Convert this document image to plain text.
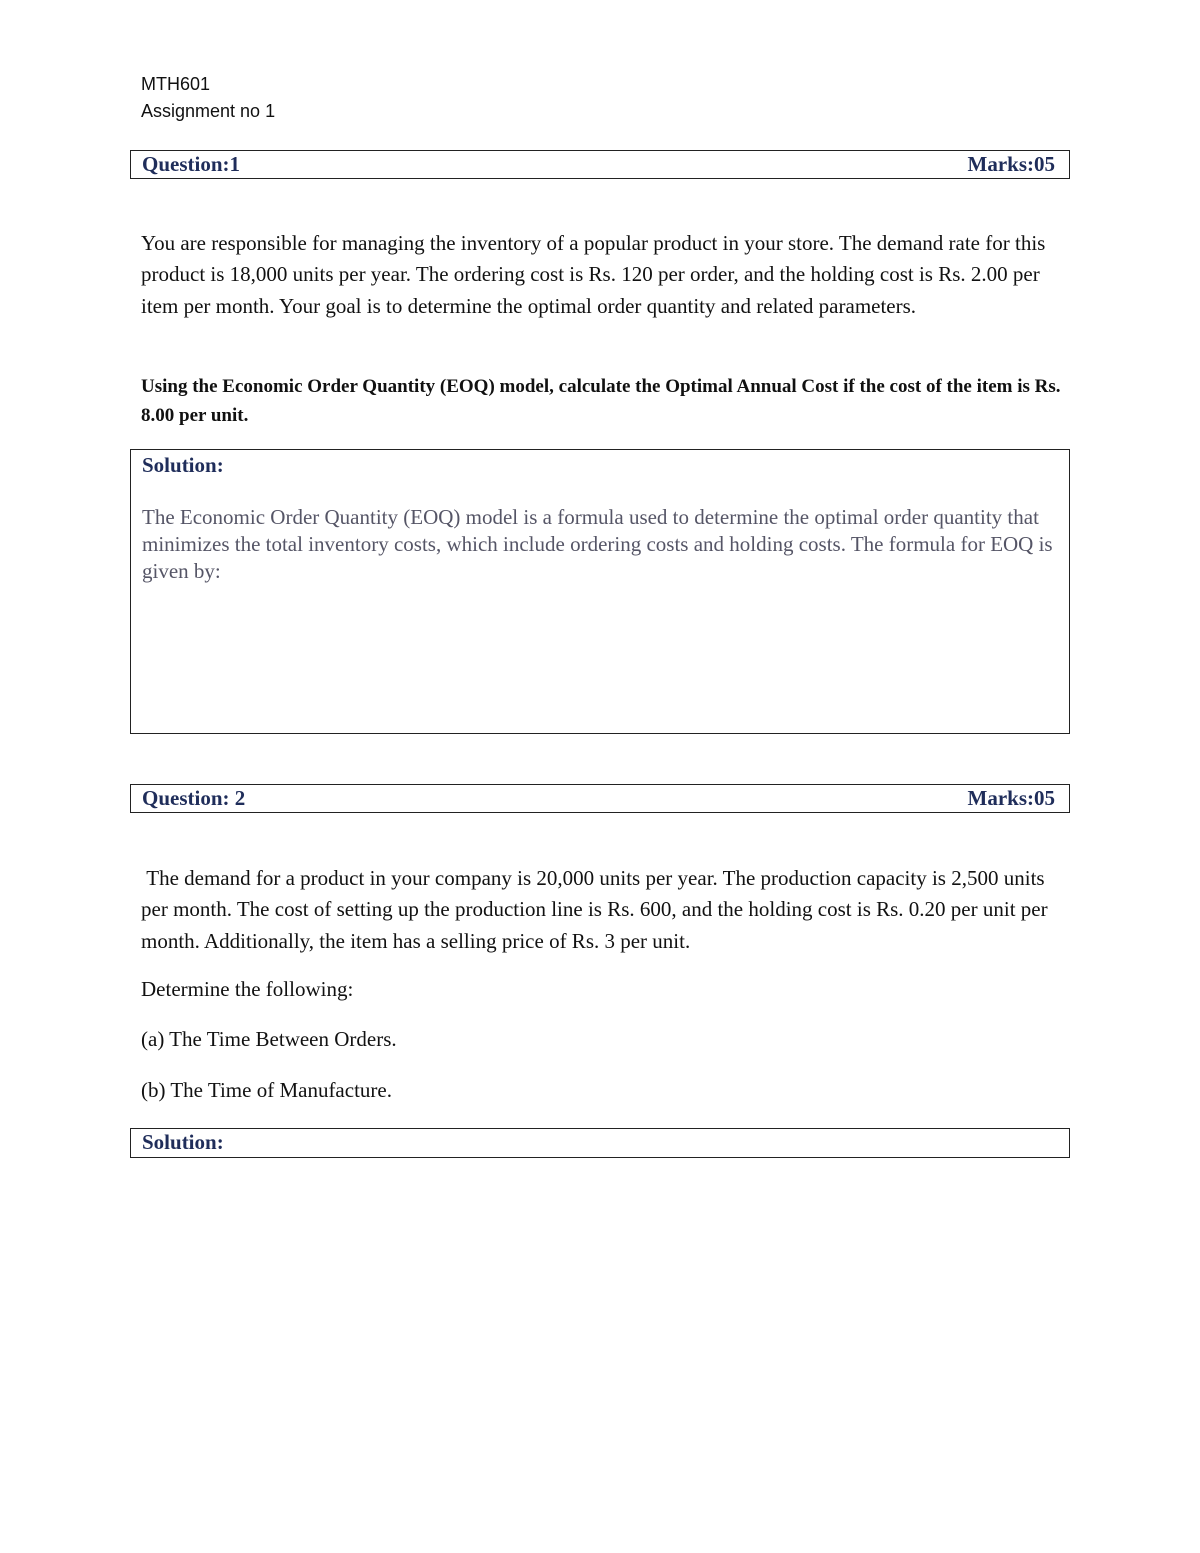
MTH601
Assignment no 1
Question:1	Marks:05
You are responsible for managing the inventory of a popular product in your store. The demand rate for this product is 18,000 units per year. The ordering cost is Rs. 120 per order, and the holding cost is Rs. 2.00 per item per month. Your goal is to determine the optimal order quantity and related parameters.
Using the Economic Order Quantity (EOQ) model, calculate the Optimal Annual Cost if the cost of the item is Rs. 8.00 per unit.
Solution:
The Economic Order Quantity (EOQ) model is a formula used to determine the optimal order quantity that minimizes the total inventory costs, which include ordering costs and holding costs. The formula for EOQ is given by:
Question: 2	Marks:05
The demand for a product in your company is 20,000 units per year. The production capacity is 2,500 units per month. The cost of setting up the production line is Rs. 600, and the holding cost is Rs. 0.20 per unit per month. Additionally, the item has a selling price of Rs. 3 per unit.
Determine the following:
(a) The Time Between Orders.
(b) The Time of Manufacture.
Solution:
